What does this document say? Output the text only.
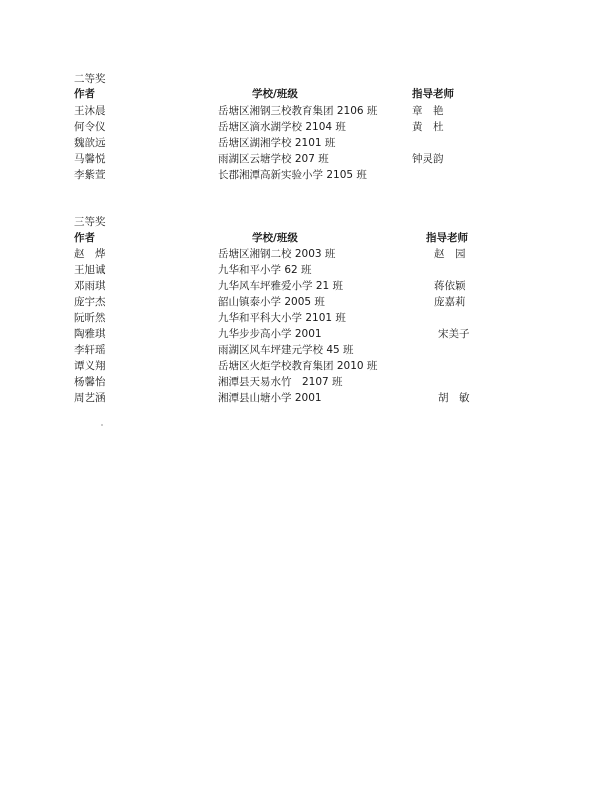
二等奖
作者	学校/班级	指导老师
王沐晨	岳塘区湘钢三校教育集团 2106 班	章　艳
何令仪	岳塘区滴水湖学校 2104 班	黄　杜
魏歆远	岳塘区湖湘学校 2101 班
马馨悦	雨湖区云塘学校 207 班	钟灵韵
李紫萱	长郡湘潭高新实验小学 2105 班
三等奖
作者	学校/班级	指导老师
赵　烨	岳塘区湘钢二校 2003 班	赵　园
王旭诚	九华和平小学 62 班
邓雨琪	九华风车坪雅爱小学 21 班	蒋依颖
庞宇杰	韶山镇泰小学 2005 班	庞嘉莉
阮昕然	九华和平科大小学 2101 班
陶雅琪	九华步步高小学 2001	宋美子
李轩瑶	雨湖区风车坪建元学校 45 班
谭义翔	岳塘区火炬学校教育集团 2010 班
杨馨怡	湘潭县天易水竹　2107 班
周艺涵	湘潭县山塘小学 2001	胡　敏
